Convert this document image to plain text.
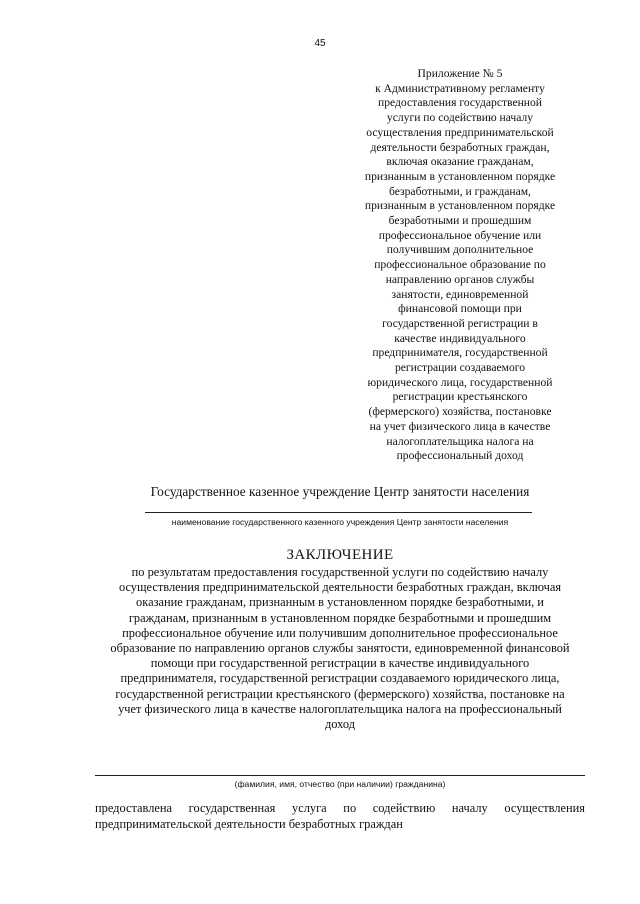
45
Приложение № 5
к Административному регламенту
предоставления государственной
услуги по содействию началу
осуществления предпринимательской
деятельности безработных граждан,
включая оказание гражданам,
признанным в установленном порядке
безработными, и гражданам,
признанным в установленном порядке
безработными и прошедшим
профессиональное обучение или
получившим дополнительное
профессиональное образование по
направлению органов службы
занятости, единовременной
финансовой помощи при
государственной регистрации в
качестве индивидуального
предпринимателя, государственной
регистрации создаваемого
юридического лица, государственной
регистрации крестьянского
(фермерского) хозяйства, постановке
на учет физического лица в качестве
налогоплательщика налога на
профессиональный доход
Государственное казенное учреждение Центр занятости населения
наименование государственного казенного учреждения Центр занятости населения
ЗАКЛЮЧЕНИЕ
по результатам предоставления государственной услуги по содействию началу
осуществления предпринимательской деятельности безработных граждан, включая
оказание гражданам, признанным в установленном порядке безработными, и
гражданам, признанным в установленном порядке безработными и прошедшим
профессиональное обучение или получившим дополнительное профессиональное
образование по направлению органов службы занятости, единовременной финансовой
помощи при государственной регистрации в качестве индивидуального
предпринимателя, государственной регистрации создаваемого юридического лица,
государственной регистрации крестьянского (фермерского) хозяйства, постановке на
учет физического лица в качестве налогоплательщика налога на профессиональный
доход
(фамилия, имя, отчество (при наличии) гражданина)
предоставлена государственная услуга по содействию началу осуществления
предпринимательской деятельности безработных граждан
